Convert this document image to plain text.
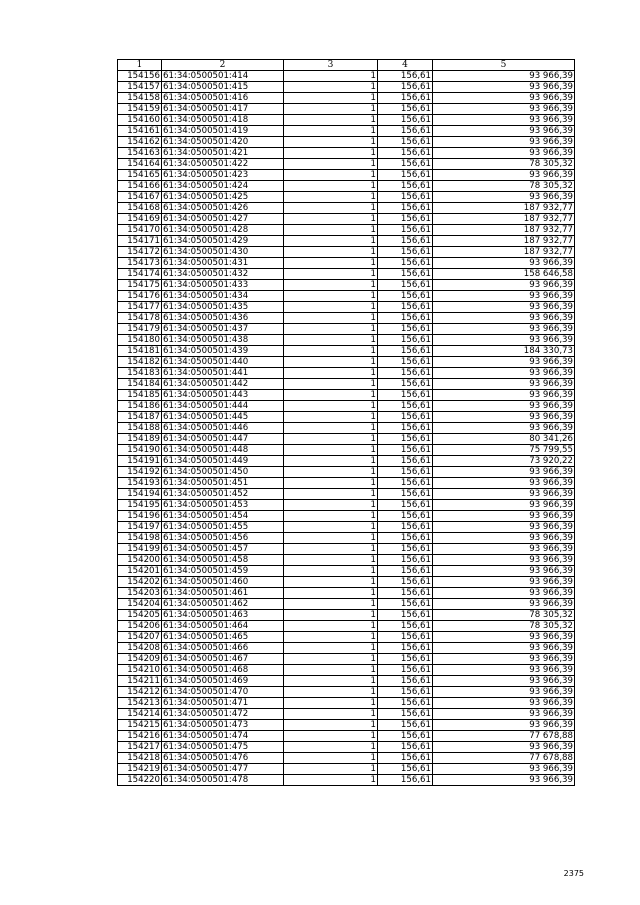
1	2	3	4	5
154156	61:34:0500501:414	1	156,61	93 966,39
154157	61:34:0500501:415	1	156,61	93 966,39
154158	61:34:0500501:416	1	156,61	93 966,39
154159	61:34:0500501:417	1	156,61	93 966,39
154160	61:34:0500501:418	1	156,61	93 966,39
154161	61:34:0500501:419	1	156,61	93 966,39
154162	61:34:0500501:420	1	156,61	93 966,39
154163	61:34:0500501:421	1	156,61	93 966,39
154164	61:34:0500501:422	1	156,61	78 305,32
154165	61:34:0500501:423	1	156,61	93 966,39
154166	61:34:0500501:424	1	156,61	78 305,32
154167	61:34:0500501:425	1	156,61	93 966,39
154168	61:34:0500501:426	1	156,61	187 932,77
154169	61:34:0500501:427	1	156,61	187 932,77
154170	61:34:0500501:428	1	156,61	187 932,77
154171	61:34:0500501:429	1	156,61	187 932,77
154172	61:34:0500501:430	1	156,61	187 932,77
154173	61:34:0500501:431	1	156,61	93 966,39
154174	61:34:0500501:432	1	156,61	158 646,58
154175	61:34:0500501:433	1	156,61	93 966,39
154176	61:34:0500501:434	1	156,61	93 966,39
154177	61:34:0500501:435	1	156,61	93 966,39
154178	61:34:0500501:436	1	156,61	93 966,39
154179	61:34:0500501:437	1	156,61	93 966,39
154180	61:34:0500501:438	1	156,61	93 966,39
154181	61:34:0500501:439	1	156,61	184 330,73
154182	61:34:0500501:440	1	156,61	93 966,39
154183	61:34:0500501:441	1	156,61	93 966,39
154184	61:34:0500501:442	1	156,61	93 966,39
154185	61:34:0500501:443	1	156,61	93 966,39
154186	61:34:0500501:444	1	156,61	93 966,39
154187	61:34:0500501:445	1	156,61	93 966,39
154188	61:34:0500501:446	1	156,61	93 966,39
154189	61:34:0500501:447	1	156,61	80 341,26
154190	61:34:0500501:448	1	156,61	75 799,55
154191	61:34:0500501:449	1	156,61	73 920,22
154192	61:34:0500501:450	1	156,61	93 966,39
154193	61:34:0500501:451	1	156,61	93 966,39
154194	61:34:0500501:452	1	156,61	93 966,39
154195	61:34:0500501:453	1	156,61	93 966,39
154196	61:34:0500501:454	1	156,61	93 966,39
154197	61:34:0500501:455	1	156,61	93 966,39
154198	61:34:0500501:456	1	156,61	93 966,39
154199	61:34:0500501:457	1	156,61	93 966,39
154200	61:34:0500501:458	1	156,61	93 966,39
154201	61:34:0500501:459	1	156,61	93 966,39
154202	61:34:0500501:460	1	156,61	93 966,39
154203	61:34:0500501:461	1	156,61	93 966,39
154204	61:34:0500501:462	1	156,61	93 966,39
154205	61:34:0500501:463	1	156,61	78 305,32
154206	61:34:0500501:464	1	156,61	78 305,32
154207	61:34:0500501:465	1	156,61	93 966,39
154208	61:34:0500501:466	1	156,61	93 966,39
154209	61:34:0500501:467	1	156,61	93 966,39
154210	61:34:0500501:468	1	156,61	93 966,39
154211	61:34:0500501:469	1	156,61	93 966,39
154212	61:34:0500501:470	1	156,61	93 966,39
154213	61:34:0500501:471	1	156,61	93 966,39
154214	61:34:0500501:472	1	156,61	93 966,39
154215	61:34:0500501:473	1	156,61	93 966,39
154216	61:34:0500501:474	1	156,61	77 678,88
154217	61:34:0500501:475	1	156,61	93 966,39
154218	61:34:0500501:476	1	156,61	77 678,88
154219	61:34:0500501:477	1	156,61	93 966,39
154220	61:34:0500501:478	1	156,61	93 966,39
2375
